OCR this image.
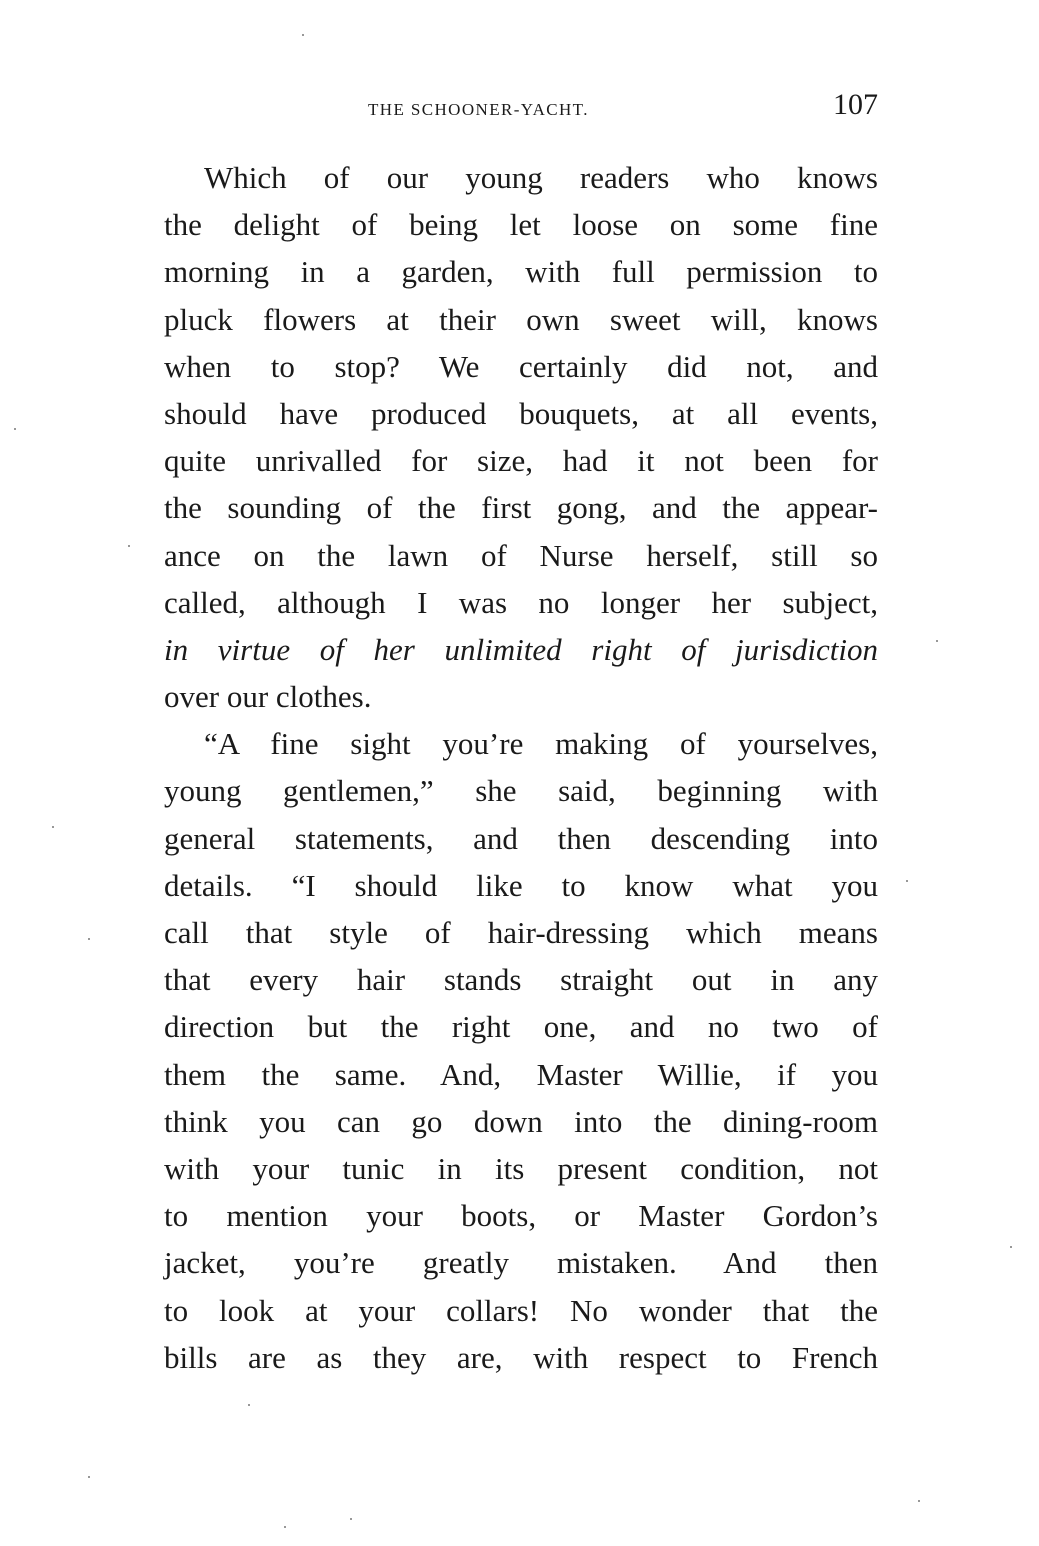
THE SCHOONER-YACHT.	107
Which of our young readers who knows
the delight of being let loose on some fine
morning in a garden, with full permission to
pluck flowers at their own sweet will, knows
when to stop? We certainly did not, and
should have produced bouquets, at all events,
quite unrivalled for size, had it not been for
the sounding of the first gong, and the appear-
ance on the lawn of Nurse herself, still so
called, although I was no longer her subject,
in virtue of her unlimited right of jurisdiction
over our clothes.
“A fine sight you’re making of yourselves,
young gentlemen,” she said, beginning with
general statements, and then descending into
details. “I should like to know what you
call that style of hair-dressing which means
that every hair stands straight out in any
direction but the right one, and no two of
them the same. And, Master Willie, if you
think you can go down into the dining-room
with your tunic in its present condition, not
to mention your boots, or Master Gordon’s
jacket, you’re greatly mistaken. And then
to look at your collars! No wonder that the
bills are as they are, with respect to French
